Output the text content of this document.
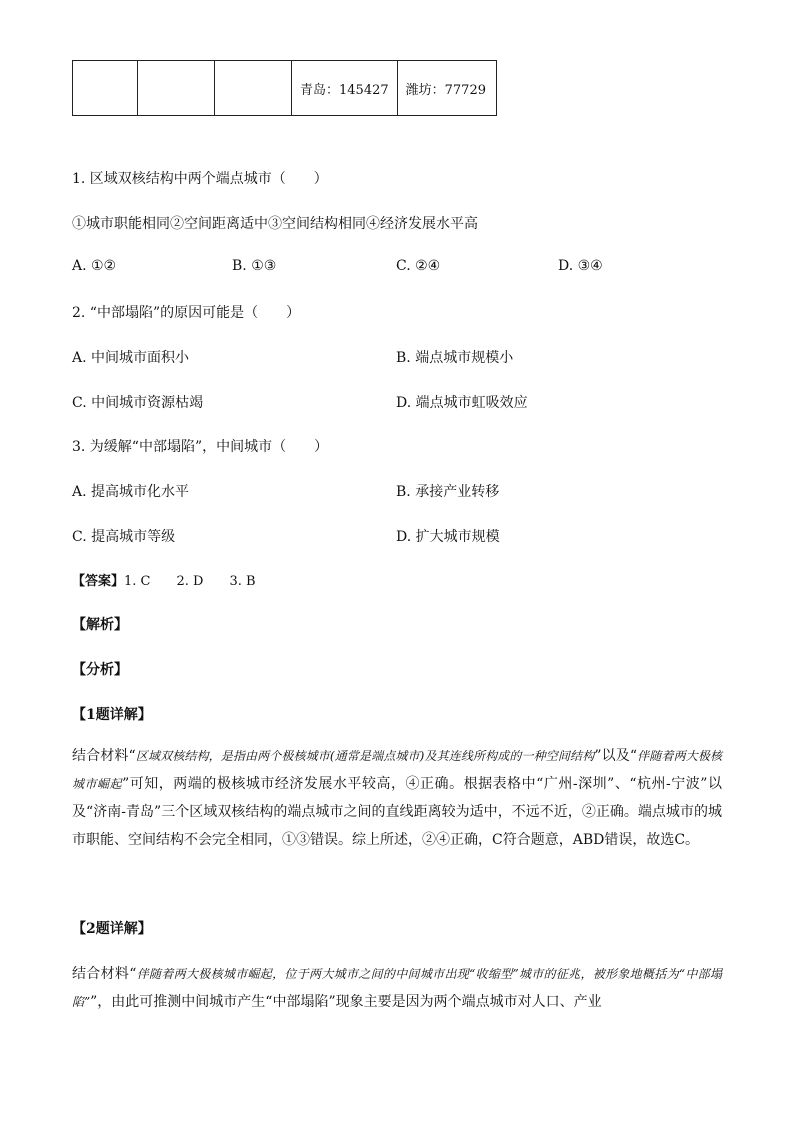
			青岛：145427	潍坊：77729
1. 区域双核结构中两个端点城市（　　）
①城市职能相同②空间距离适中③空间结构相同④经济发展水平高
A. ①②	B. ①③	C. ②④	D. ③④
2. “中部塌陷”的原因可能是（　　）
A. 中间城市面积小	B. 端点城市规模小
C. 中间城市资源枯竭	D. 端点城市虹吸效应
3. 为缓解“中部塌陷”，中间城市（　　）
A. 提高城市化水平	B. 承接产业转移
C. 提高城市等级	D. 扩大城市规模
【答案】1. C 2. D 3. B
【解析】
【分析】
【1题详解】
结合材料“区域双核结构，是指由两个极核城市(通常是端点城市)及其连线所构成的一种空间结构”以及“伴随着两大极核城市崛起”可知，两端的极核城市经济发展水平较高，④正确。根据表格中“广州-深圳”、“杭州-宁波”以及“济南-青岛”三个区域双核结构的端点城市之间的直线距离较为适中，不远不近，②正确。端点城市的城市职能、空间结构不会完全相同，①③错误。综上所述，②④正确，C符合题意，ABD错误，故选C。
【2题详解】
结合材料“伴随着两大极核城市崛起，位于两大城市之间的中间城市出现“收缩型”城市的征兆，被形象地概括为“中部塌陷””，由此可推测中间城市产生“中部塌陷”现象主要是因为两个端点城市对人口、产业
